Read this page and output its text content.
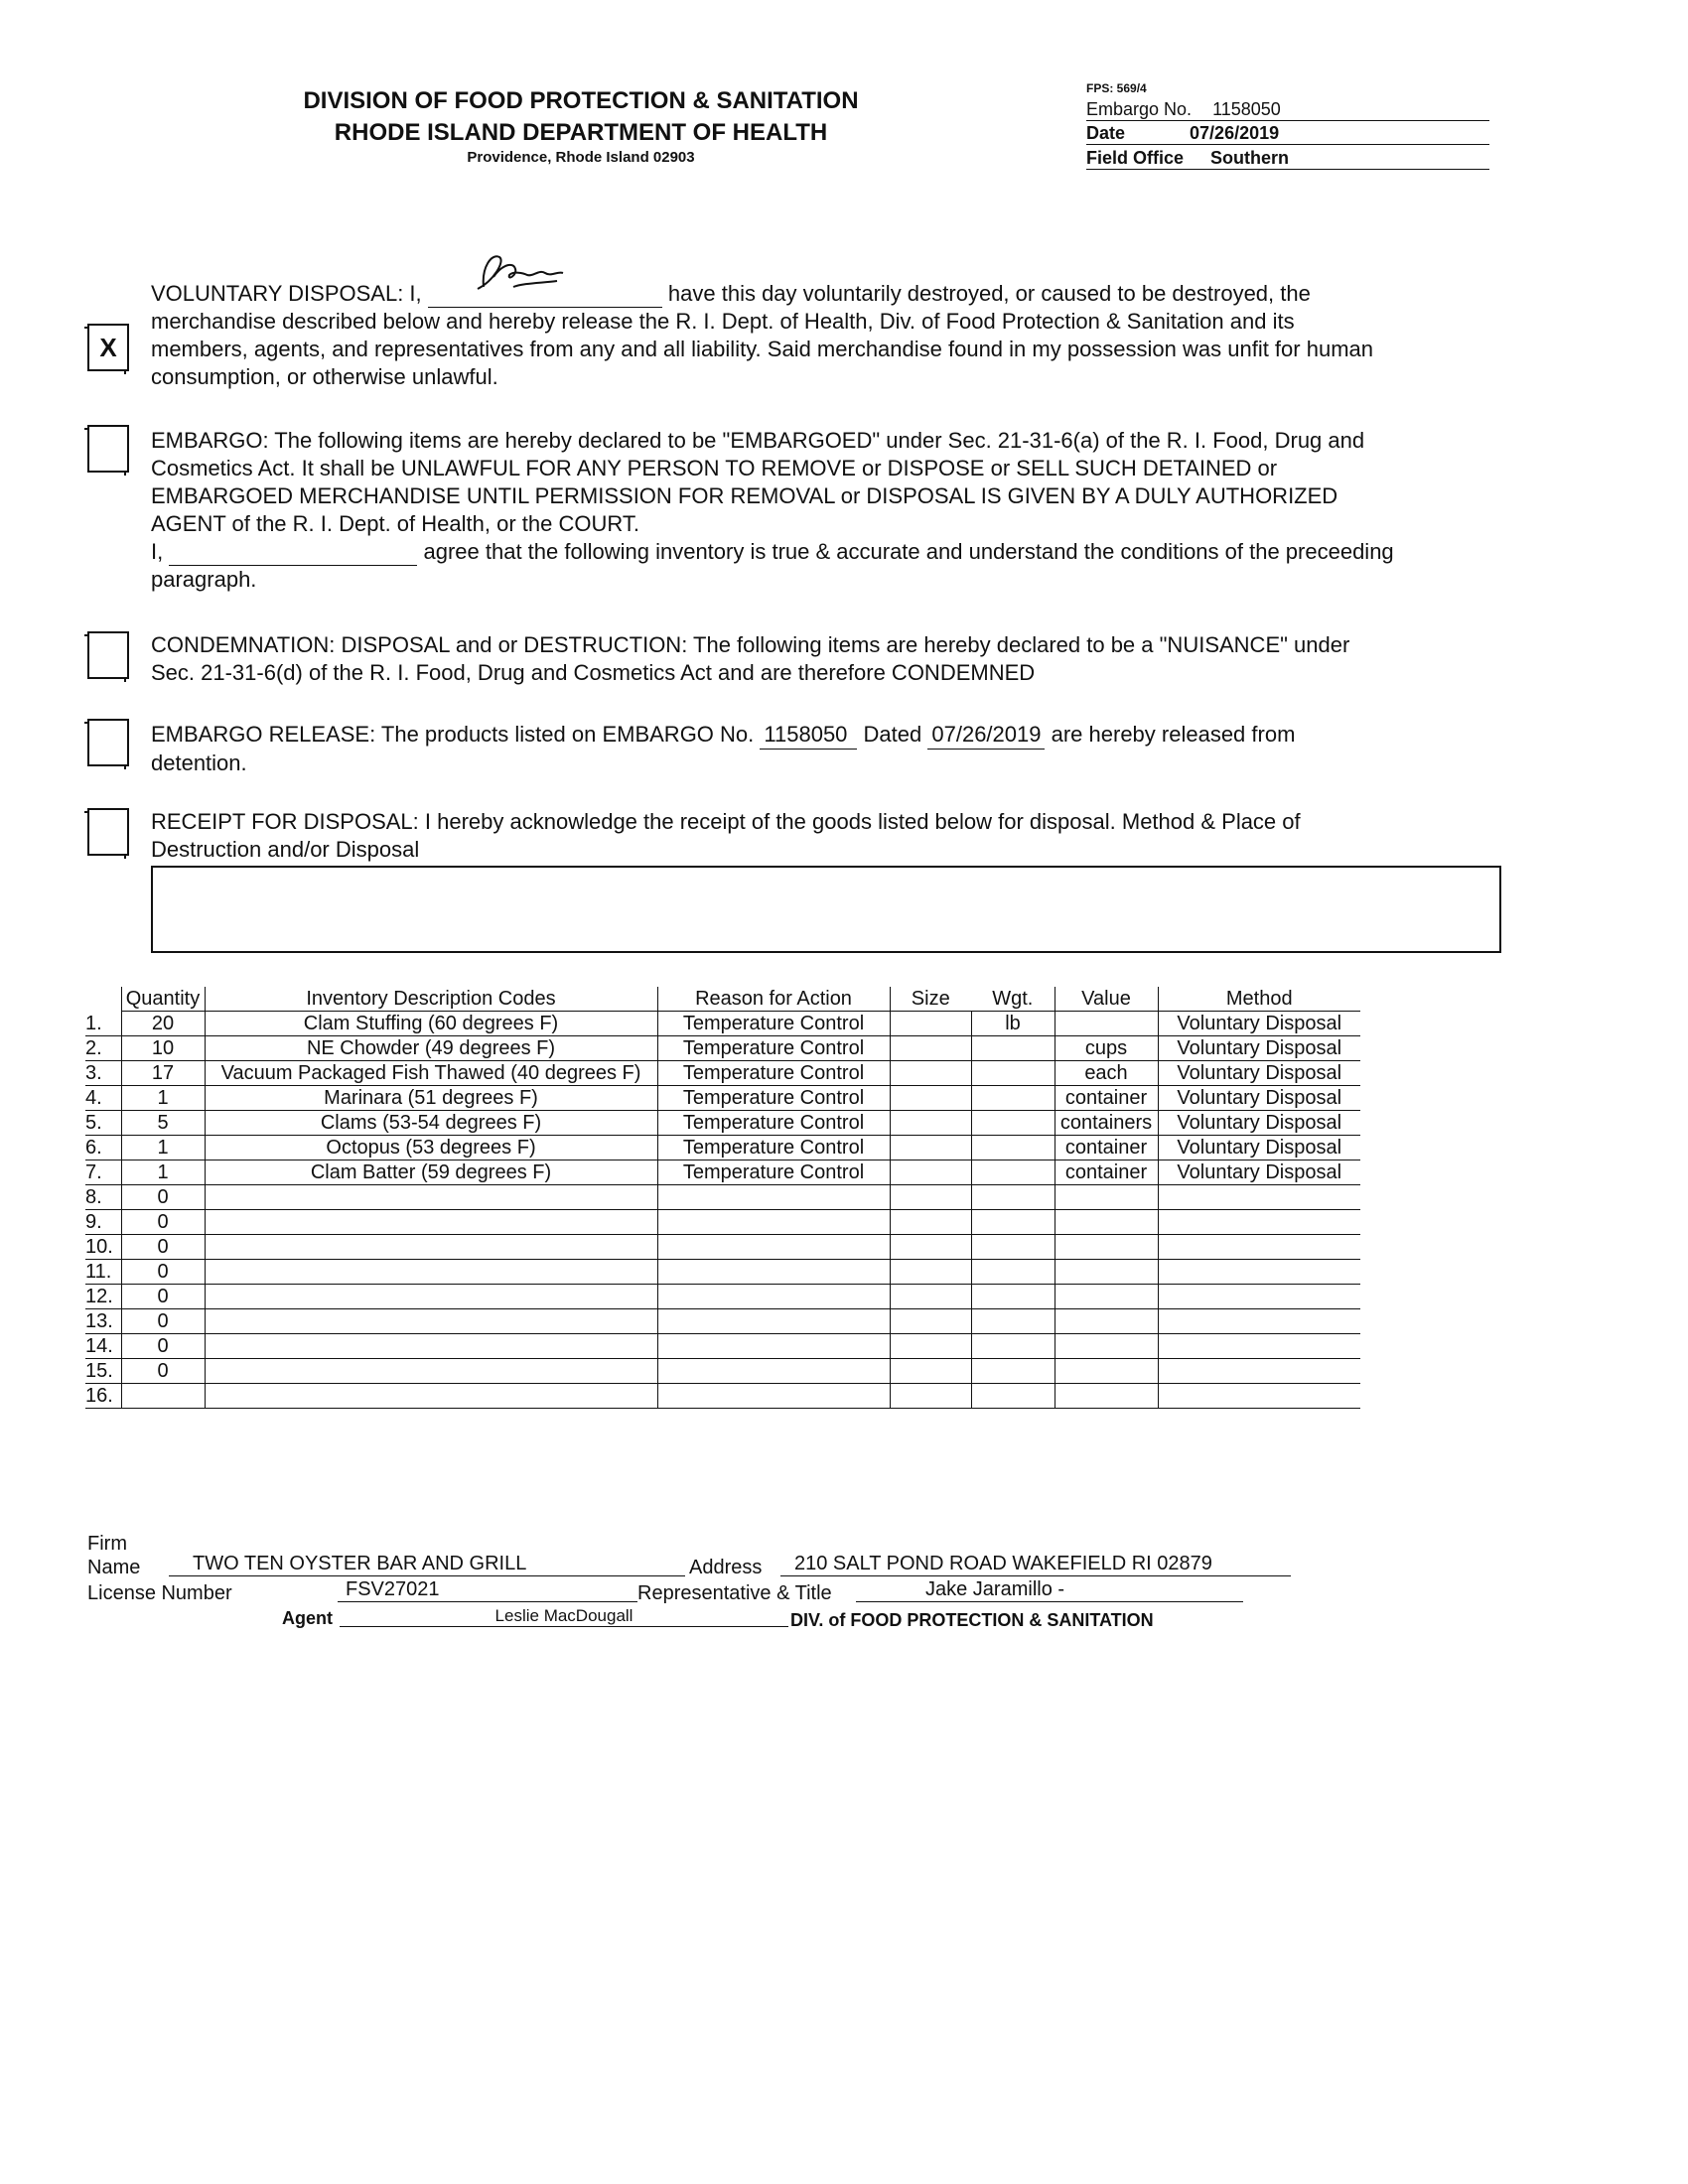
DIVISION OF FOOD PROTECTION & SANITATION
RHODE ISLAND DEPARTMENT OF HEALTH
Providence, Rhode Island 02903
FPS: 569/4
Embargo No. 1158050
Date	07/26/2019
Field Office Southern
X
VOLUNTARY DISPOSAL: I,	have this day voluntarily destroyed, or caused to be destroyed, the
merchandise described below and hereby release the R. I. Dept. of Health, Div. of Food Protection & Sanitation and its
members, agents, and representatives from any and all liability. Said merchandise found in my possession was unfit for human
consumption, or otherwise unlawful.
EMBARGO: The following items are hereby declared to be "EMBARGOED" under Sec. 21-31-6(a) of the R. I. Food, Drug and
Cosmetics Act. It shall be UNLAWFUL FOR ANY PERSON TO REMOVE or DISPOSE or SELL SUCH DETAINED or
EMBARGOED MERCHANDISE UNTIL PERMISSION FOR REMOVAL or DISPOSAL IS GIVEN BY A DULY AUTHORIZED
AGENT of the R. I. Dept. of Health, or the COURT.
I,	agree that the following inventory is true & accurate and understand the conditions of the preceeding
paragraph.
CONDEMNATION: DISPOSAL and or DESTRUCTION: The following items are hereby declared to be a "NUISANCE" under
Sec. 21-31-6(d) of the R. I. Food, Drug and Cosmetics Act and are therefore CONDEMNED
EMBARGO RELEASE: The products listed on EMBARGO No. 1158050 Dated 07/26/2019 are hereby released from
detention.
RECEIPT FOR DISPOSAL: I hereby acknowledge the receipt of the goods listed below for disposal. Method & Place of
Destruction and/or Disposal
	Quantity	Inventory Description Codes	Reason for Action	Size	Wgt.	Value	Method
1.	20	Clam Stuffing (60 degrees F)	Temperature Control		lb		Voluntary Disposal
2.	10	NE Chowder (49 degrees F)	Temperature Control			cups	Voluntary Disposal
3.	17	Vacuum Packaged Fish Thawed (40 degrees F)	Temperature Control			each	Voluntary Disposal
4.	1	Marinara (51 degrees F)	Temperature Control			container	Voluntary Disposal
5.	5	Clams (53-54 degrees F)	Temperature Control			containers	Voluntary Disposal
6.	1	Octopus (53 degrees F)	Temperature Control			container	Voluntary Disposal
7.	1	Clam Batter (59 degrees F)	Temperature Control			container	Voluntary Disposal
8.	0						
9.	0						
10.	0						
11.	0						
12.	0						
13.	0						
14.	0						
15.	0						
16.							
Firm
Name	TWO TEN OYSTER BAR AND GRILL	Address	210 SALT POND ROAD WAKEFIELD RI 02879
License Number	FSV27021	Representative & Title	Jake Jaramillo -
Agent	Leslie MacDougall	DIV. of FOOD PROTECTION & SANITATION
